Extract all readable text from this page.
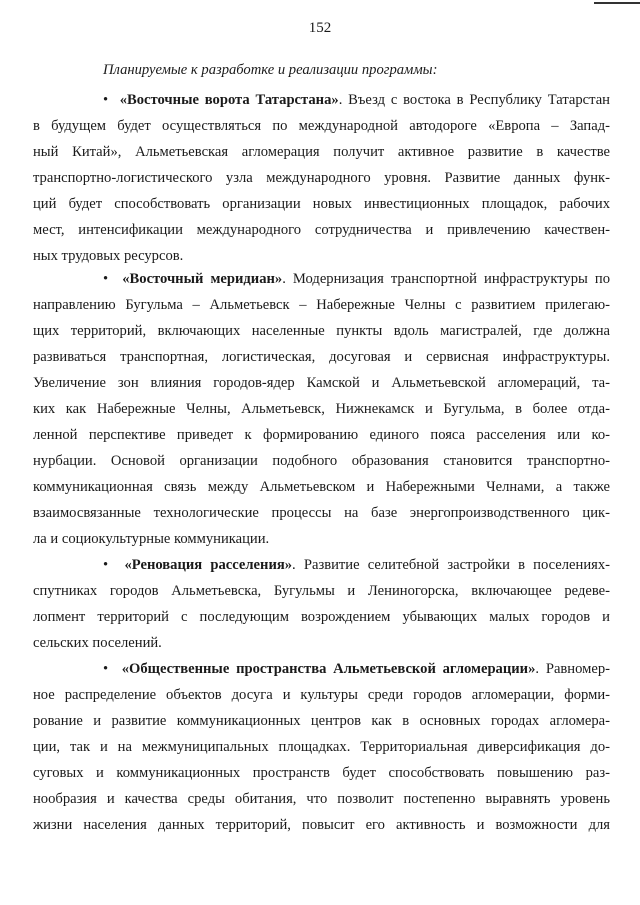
152
Планируемые к разработке и реализации программы:
• «Восточные ворота Татарстана». Въезд с востока в Республику Татарстан
в будущем будет осуществляться по международной автодороге «Европа – Запад-
ный Китай», Альметьевская агломерация получит активное развитие в качестве
транспортно-логистического узла международного уровня. Развитие данных функ-
ций будет способствовать организации новых инвестиционных площадок, рабочих
мест, интенсификации международного сотрудничества и привлечению качествен-
ных трудовых ресурсов.
• «Восточный меридиан». Модернизация транспортной инфраструктуры по
направлению Бугульма – Альметьевск – Набережные Челны с развитием прилегаю-
щих территорий, включающих населенные пункты вдоль магистралей, где должна
развиваться транспортная, логистическая, досуговая и сервисная инфраструктуры.
Увеличение зон влияния городов-ядер Камской и Альметьевской агломераций, та-
ких как Набережные Челны, Альметьевск, Нижнекамск и Бугульма, в более отда-
ленной перспективе приведет к формированию единого пояса расселения или ко-
нурбации. Основой организации подобного образования становится транспортно-
коммуникационная связь между Альметьевском и Набережными Челнами, а также
взаимосвязанные технологические процессы на базе энергопроизводственного цик-
ла и социокультурные коммуникации.
• «Реновация расселения». Развитие селитебной застройки в поселениях-
спутниках городов Альметьевска, Бугульмы и Лениногорска, включающее редеве-
лопмент территорий с последующим возрождением убывающих малых городов и
сельских поселений.
• «Общественные пространства Альметьевской агломерации». Равномер-
ное распределение объектов досуга и культуры среди городов агломерации, форми-
рование и развитие коммуникационных центров как в основных городах агломера-
ции, так и на межмуниципальных площадках. Территориальная диверсификация до-
суговых и коммуникационных пространств будет способствовать повышению раз-
нообразия и качества среды обитания, что позволит постепенно выравнять уровень
жизни населения данных территорий, повысит его активность и возможности для
